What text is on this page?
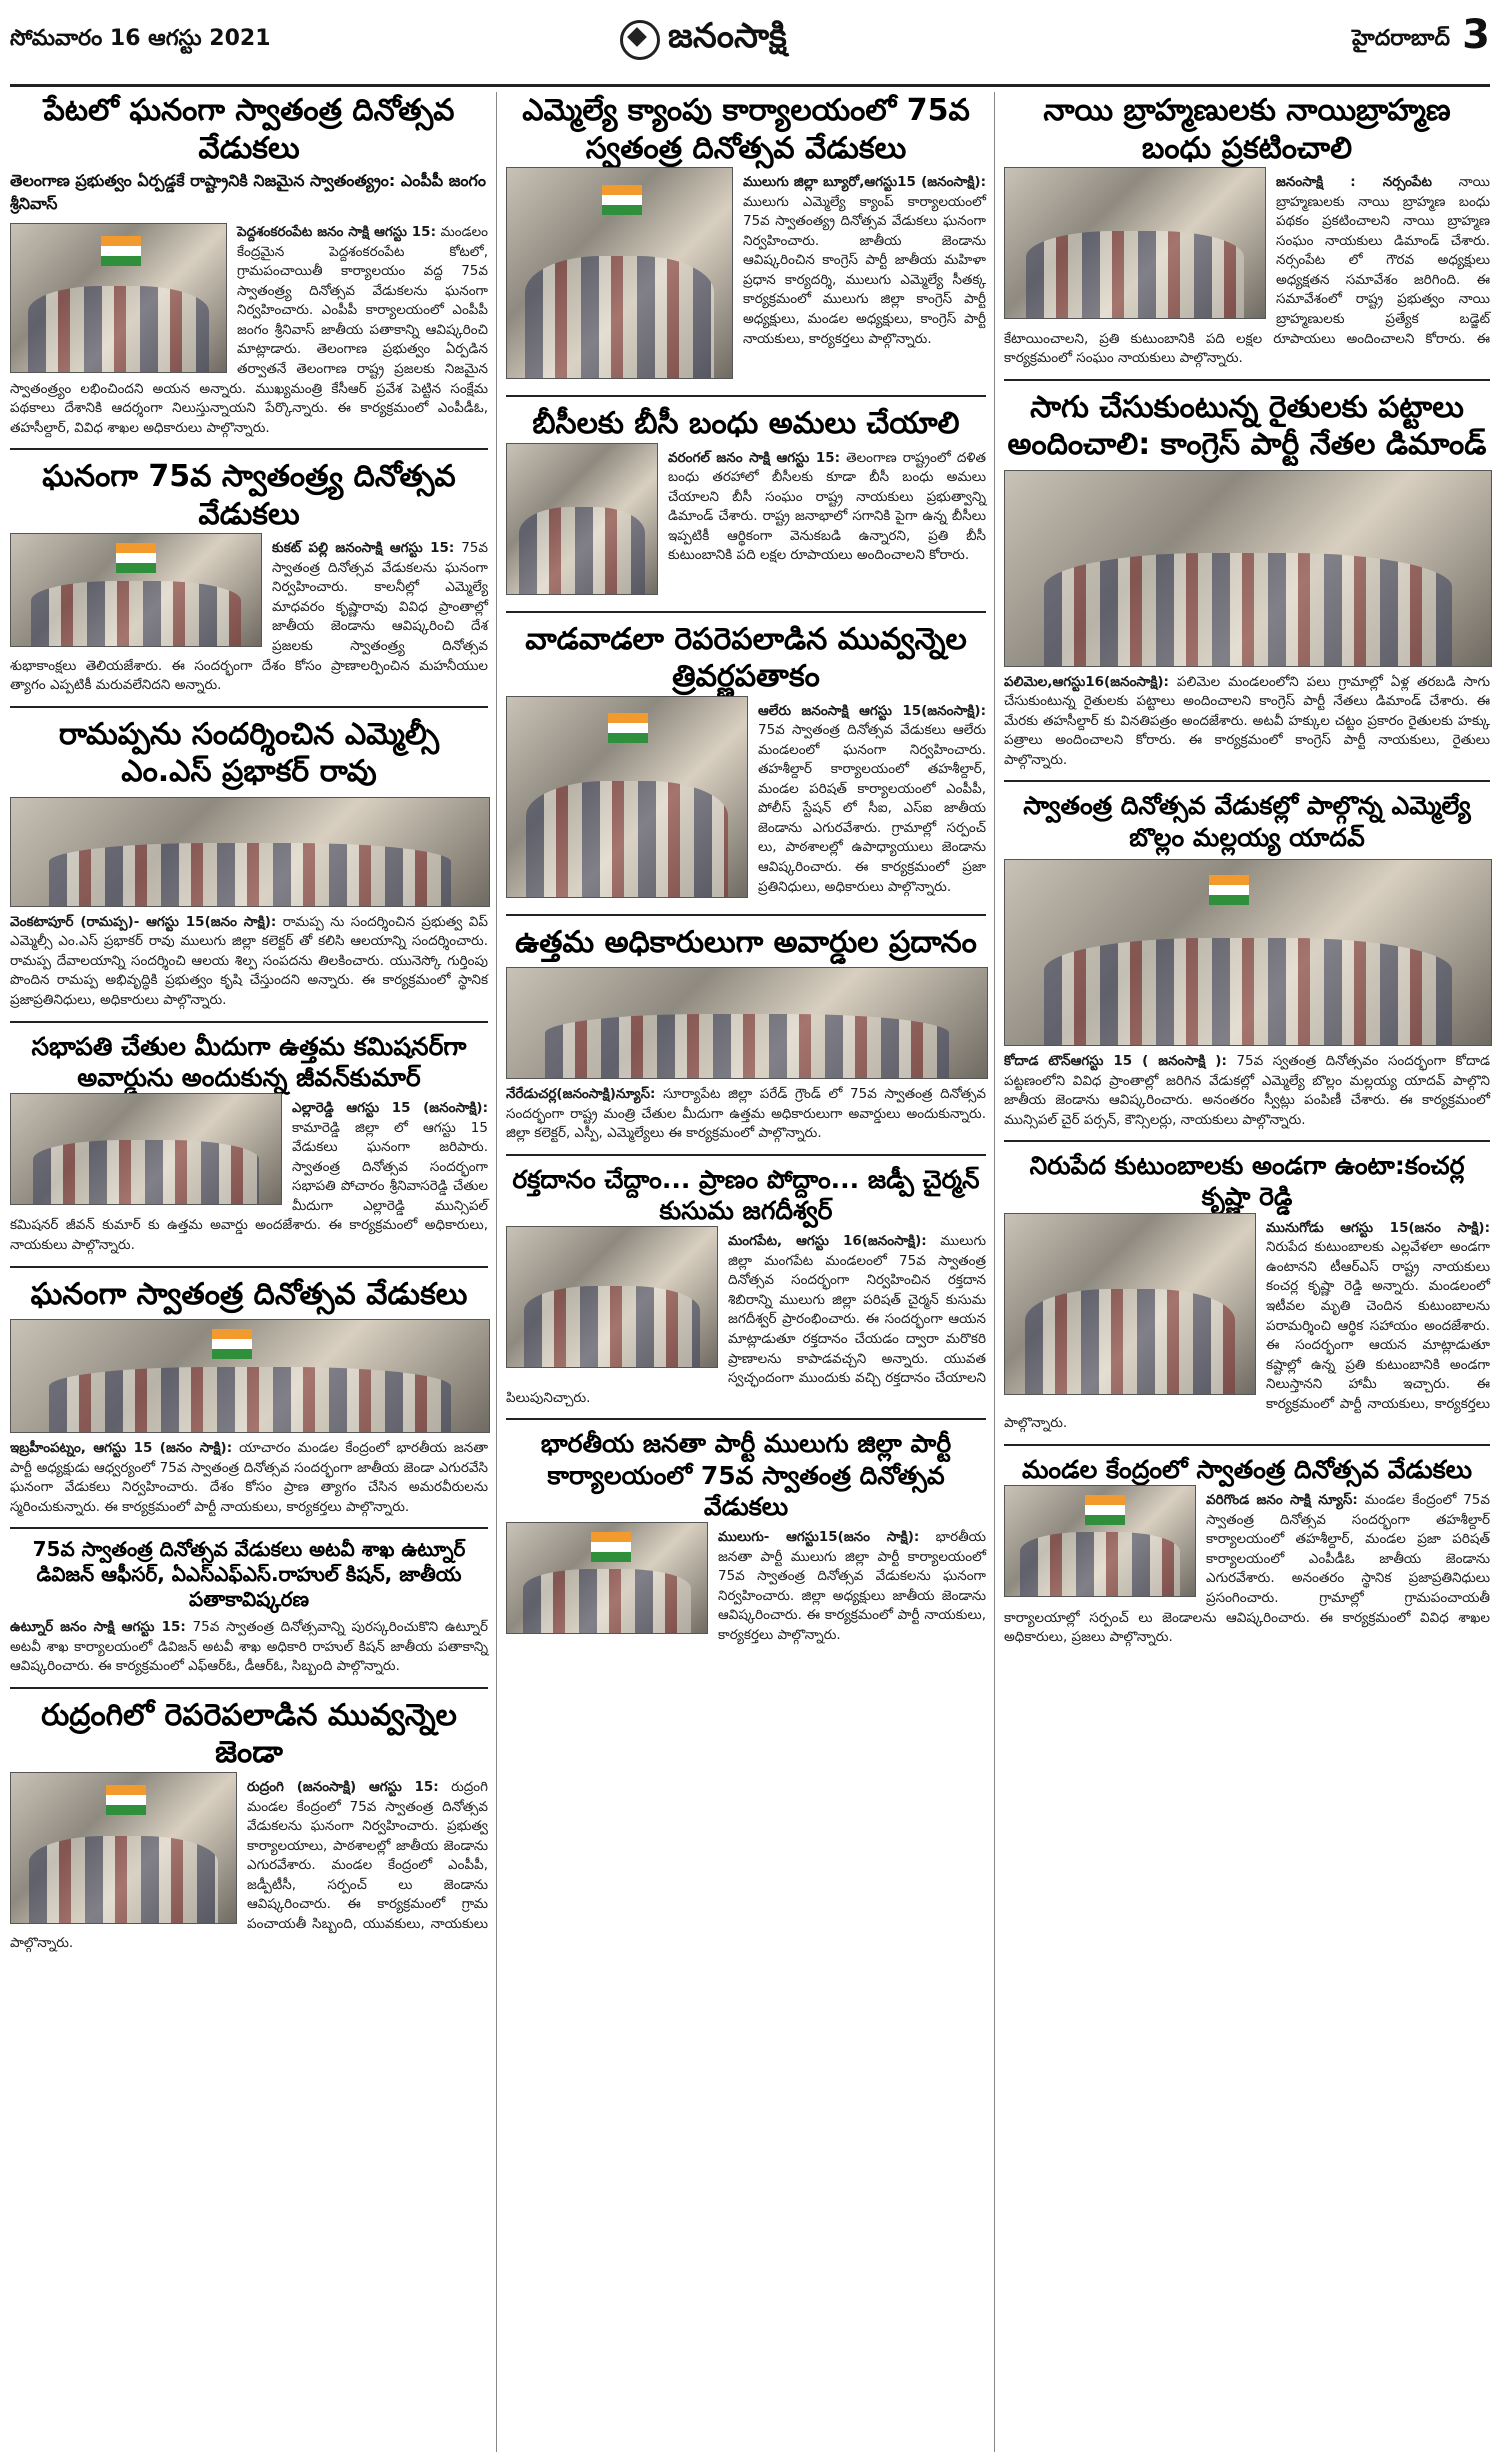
సోమవారం 16 ఆగస్టు 2021	జనంసాక్షి	హైదరాబాద్ 3
పేటలో ఘనంగా స్వాతంత్ర దినోత్సవ వేడుకలు
తెలంగాణ ప్రభుత్వం ఏర్పడ్డకే రాష్ట్రానికి నిజమైన స్వాతంత్య్రం: ఎంపీపీ జంగం శ్రీనివాస్

పెద్దశంకరంపేట జనం సాక్షి ఆగస్టు 15: మండలం కేంద్రమైన పెద్దశంకరంపేట కోటలో, గ్రామపంచాయితీ కార్యాలయం వద్ద 75వ స్వాతంత్ర్య దినోత్సవ వేడుకలను ఘనంగా నిర్వహించారు. ఎంపీపీ కార్యాలయంలో ఎంపీపీ జంగం శ్రీనివాస్ జాతీయ పతాకాన్ని ఆవిష్కరించి మాట్లాడారు. తెలంగాణ ప్రభుత్వం ఏర్పడిన తర్వాతనే తెలంగాణ రాష్ట్ర ప్రజలకు నిజమైన స్వాతంత్ర్యం లభించిందని అయన అన్నారు. ముఖ్యమంత్రి కేసీఆర్ ప్రవేశ పెట్టిన సంక్షేమ పథకాలు దేశానికి ఆదర్శంగా నిలుస్తున్నాయని పేర్కొన్నారు. ఈ కార్యక్రమంలో ఎంపీడీఓ, తహసీల్దార్, వివిధ శాఖల అధికారులు పాల్గొన్నారు.

ఘనంగా 75వ స్వాతంత్ర్య దినోత్సవ వేడుకలు

కుకట్ పల్లి జనంసాక్షి ఆగస్టు 15: 75వ స్వాతంత్ర దినోత్సవ వేడుకలను ఘనంగా నిర్వహించారు. కాలనీల్లో ఎమ్మెల్యే మాధవరం కృష్ణారావు వివిధ ప్రాంతాల్లో జాతీయ జెండాను ఆవిష్కరించి దేశ ప్రజలకు స్వాతంత్ర్య దినోత్సవ శుభాకాంక్షలు తెలియజేశారు. ఈ సందర్భంగా దేశం కోసం ప్రాణాలర్పించిన మహనీయుల త్యాగం ఎప్పటికీ మరువలేనిదని అన్నారు.

రామప్పను సందర్శించిన ఎమ్మెల్సీ ఎం.ఎస్ ప్రభాకర్ రావు

వెంకటాపూర్ (రామప్ప)- ఆగస్టు 15(జనం సాక్షి): రామప్ప ను సందర్శించిన ప్రభుత్వ విప్ ఎమ్మెల్సీ ఎం.ఎస్ ప్రభాకర్ రావు ములుగు జిల్లా కలెక్టర్ తో కలిసి ఆలయాన్ని సందర్శించారు. రామప్ప దేవాలయాన్ని సందర్శించి ఆలయ శిల్ప సంపదను తిలకించారు. యునెస్కో గుర్తింపు పొందిన రామప్ప అభివృద్ధికి ప్రభుత్వం కృషి చేస్తుందని అన్నారు. ఈ కార్యక్రమంలో స్థానిక ప్రజాప్రతినిధులు, అధికారులు పాల్గొన్నారు.

సభాపతి చేతుల మీదుగా ఉత్తమ కమిషనర్‌గా అవార్డును అందుకున్న జీవన్‌కుమార్

ఎల్లారెడ్డి ఆగస్టు 15 (జనంసాక్షి): కామారెడ్డి జిల్లా లో ఆగస్టు 15 వేడుకలు ఘనంగా జరిపారు. స్వాతంత్ర దినోత్సవ సందర్భంగా సభాపతి పోచారం శ్రీనివాసరెడ్డి చేతుల మీదుగా ఎల్లారెడ్డి మున్సిపల్ కమిషనర్ జీవన్ కుమార్ కు ఉత్తమ అవార్డు అందజేశారు. ఈ కార్యక్రమంలో అధికారులు, నాయకులు పాల్గొన్నారు.

ఘనంగా స్వాతంత్ర దినోత్సవ వేడుకలు

ఇబ్రహీంపట్నం, ఆగస్టు 15 (జనం సాక్షి): యాచారం మండల కేంద్రంలో భారతీయ జనతా పార్టీ అధ్యక్షుడు ఆధ్వర్యంలో 75వ స్వాతంత్ర దినోత్సవ సందర్భంగా జాతీయ జెండా ఎగురవేసి ఘనంగా వేడుకలు నిర్వహించారు. దేశం కోసం ప్రాణ త్యాగం చేసిన అమరవీరులను స్మరించుకున్నారు. ఈ కార్యక్రమంలో పార్టీ నాయకులు, కార్యకర్తలు పాల్గొన్నారు.

75వ స్వాతంత్ర దినోత్సవ వేడుకలు అటవీ శాఖ ఉట్నూర్ డివిజన్ ఆఫీసర్, ఏఎస్ఎఫ్ఎస్.రాహుల్ కిషన్, జాతీయ పతాకావిష్కరణ

ఉట్నూర్ జనం సాక్షి ఆగస్టు 15: 75వ స్వాతంత్ర దినోత్సవాన్ని పురస్కరించుకొని ఉట్నూర్ అటవీ శాఖ కార్యాలయంలో డివిజన్ అటవీ శాఖ అధికారి రాహుల్ కిషన్ జాతీయ పతాకాన్ని ఆవిష్కరించారు. ఈ కార్యక్రమంలో ఎఫ్ఆర్ఓ, డీఆర్ఓ, సిబ్బంది పాల్గొన్నారు.

రుద్రంగిలో రెపరెపలాడిన మువ్వన్నెల జెండా

రుద్రంగి (జనంసాక్షి) ఆగస్టు 15: రుద్రంగి మండల కేంద్రంలో 75వ స్వాతంత్ర దినోత్సవ వేడుకలను ఘనంగా నిర్వహించారు. ప్రభుత్వ కార్యాలయాలు, పాఠశాలల్లో జాతీయ జెండాను ఎగురవేశారు. మండల కేంద్రంలో ఎంపీపీ, జడ్పీటీసీ, సర్పంచ్ లు జెండాను ఆవిష్కరించారు. ఈ కార్యక్రమంలో గ్రామ పంచాయతీ సిబ్బంది, యువకులు, నాయకులు పాల్గొన్నారు.

ఎమ్మెల్యే క్యాంపు కార్యాలయంలో 75వ స్వతంత్ర దినోత్సవ వేడుకలు

ములుగు జిల్లా బ్యూరో,ఆగస్టు15 (జనంసాక్షి): ములుగు ఎమ్మెల్యే క్యాంప్ కార్యాలయంలో 75వ స్వాతంత్య్ర దినోత్సవ వేడుకలు ఘనంగా నిర్వహించారు. జాతీయ జెండాను ఆవిష్కరించిన కాంగ్రెస్ పార్టీ జాతీయ మహిళా ప్రధాన కార్యదర్శి, ములుగు ఎమ్మెల్యే సీతక్క కార్యక్రమంలో ములుగు జిల్లా కాంగ్రెస్ పార్టీ అధ్యక్షులు, మండల అధ్యక్షులు, కాంగ్రెస్ పార్టీ నాయకులు, కార్యకర్తలు పాల్గొన్నారు.

బీసీలకు బీసీ బంధు అమలు చేయాలి

వరంగల్ జనం సాక్షి ఆగస్టు 15: తెలంగాణ రాష్ట్రంలో దళిత బంధు తరహాలో బీసీలకు కూడా బీసీ బంధు అమలు చేయాలని బీసీ సంఘం రాష్ట్ర నాయకులు ప్రభుత్వాన్ని డిమాండ్ చేశారు. రాష్ట్ర జనాభాలో సగానికి పైగా ఉన్న బీసీలు ఇప్పటికీ ఆర్థికంగా వెనుకబడి ఉన్నారని, ప్రతి బీసీ కుటుంబానికి పది లక్షల రూపాయలు అందించాలని కోరారు.

వాడవాడలా రెపరెపలాడిన మువ్వన్నెల త్రివర్ణపతాకం

ఆలేరు జనంసాక్షి ఆగస్టు 15(జనంసాక్షి): 75వ స్వాతంత్ర దినోత్సవ వేడుకలు ఆలేరు మండలంలో ఘనంగా నిర్వహించారు. తహశీల్దార్ కార్యాలయంలో తహశీల్దార్, మండల పరిషత్ కార్యాలయంలో ఎంపీపీ, పోలీస్ స్టేషన్ లో సీఐ, ఎస్ఐ జాతీయ జెండాను ఎగురవేశారు. గ్రామాల్లో సర్పంచ్ లు, పాఠశాలల్లో ఉపాధ్యాయులు జెండాను ఆవిష్కరించారు. ఈ కార్యక్రమంలో ప్రజా ప్రతినిధులు, అధికారులు పాల్గొన్నారు.

ఉత్తమ అధికారులుగా అవార్డుల ప్రదానం

నేరేడుచర్ల(జనంసాక్షి)న్యూస్: సూర్యాపేట జిల్లా పరేడ్ గ్రౌండ్ లో 75వ స్వాతంత్ర దినోత్సవ సందర్భంగా రాష్ట్ర మంత్రి చేతుల మీదుగా ఉత్తమ అధికారులుగా అవార్డులు అందుకున్నారు. జిల్లా కలెక్టర్, ఎస్పీ, ఎమ్మెల్యేలు ఈ కార్యక్రమంలో పాల్గొన్నారు.

రక్తదానం చేద్దాం... ప్రాణం పోద్దాం... జడ్పీ చైర్మన్ కుసుమ జగదీశ్వర్

మంగపేట, ఆగస్టు 16(జనంసాక్షి): ములుగు జిల్లా మంగపేట మండలంలో 75వ స్వాతంత్ర దినోత్సవ సందర్భంగా నిర్వహించిన రక్తదాన శిబిరాన్ని ములుగు జిల్లా పరిషత్ చైర్మన్ కుసుమ జగదీశ్వర్ ప్రారంభించారు. ఈ సందర్భంగా ఆయన మాట్లాడుతూ రక్తదానం చేయడం ద్వారా మరొకరి ప్రాణాలను కాపాడవచ్చని అన్నారు. యువత స్వచ్ఛందంగా ముందుకు వచ్చి రక్తదానం చేయాలని పిలుపునిచ్చారు.

భారతీయ జనతా పార్టీ ములుగు జిల్లా పార్టీ కార్యాలయంలో 75వ స్వాతంత్ర దినోత్సవ వేడుకలు

ములుగు- ఆగస్టు15(జనం సాక్షి): భారతీయ జనతా పార్టీ ములుగు జిల్లా పార్టీ కార్యాలయంలో 75వ స్వాతంత్ర దినోత్సవ వేడుకలను ఘనంగా నిర్వహించారు. జిల్లా అధ్యక్షులు జాతీయ జెండాను ఆవిష్కరించారు. ఈ కార్యక్రమంలో పార్టీ నాయకులు, కార్యకర్తలు పాల్గొన్నారు.

నాయి బ్రాహ్మణులకు నాయిబ్రాహ్మణ బంధు ప్రకటించాలి

జనంసాక్షి : నర్సంపేట నాయి బ్రాహ్మణులకు నాయి బ్రాహ్మణ బంధు పథకం ప్రకటించాలని నాయి బ్రాహ్మణ సంఘం నాయకులు డిమాండ్ చేశారు. నర్సంపేట లో గౌరవ అధ్యక్షులు అధ్యక్షతన సమావేశం జరిగింది. ఈ సమావేశంలో రాష్ట్ర ప్రభుత్వం నాయి బ్రాహ్మణులకు ప్రత్యేక బడ్జెట్ కేటాయించాలని, ప్రతి కుటుంబానికి పది లక్షల రూపాయలు అందించాలని కోరారు. ఈ కార్యక్రమంలో సంఘం నాయకులు పాల్గొన్నారు.

సాగు చేసుకుంటున్న రైతులకు పట్టాలు అందించాలి: కాంగ్రెస్ పార్టీ నేతల డిమాండ్

పలిమెల,ఆగస్టు16(జనంసాక్షి): పలిమెల మండలంలోని పలు గ్రామాల్లో ఏళ్ల తరబడి సాగు చేసుకుంటున్న రైతులకు పట్టాలు అందించాలని కాంగ్రెస్ పార్టీ నేతలు డిమాండ్ చేశారు. ఈ మేరకు తహసీల్దార్ కు వినతిపత్రం అందజేశారు. అటవీ హక్కుల చట్టం ప్రకారం రైతులకు హక్కు పత్రాలు అందించాలని కోరారు. ఈ కార్యక్రమంలో కాంగ్రెస్ పార్టీ నాయకులు, రైతులు పాల్గొన్నారు.

స్వాతంత్ర దినోత్సవ వేడుకల్లో పాల్గొన్న ఎమ్మెల్యే బొల్లం మల్లయ్య యాదవ్

కోదాడ టౌన్ఆగస్టు 15 ( జనంసాక్షి ): 75వ స్వతంత్ర దినోత్సవం సందర్భంగా కోదాడ పట్టణంలోని వివిధ ప్రాంతాల్లో జరిగిన వేడుకల్లో ఎమ్మెల్యే బొల్లం మల్లయ్య యాదవ్ పాల్గొని జాతీయ జెండాను ఆవిష్కరించారు. అనంతరం స్వీట్లు పంపిణీ చేశారు. ఈ కార్యక్రమంలో మున్సిపల్ చైర్ పర్సన్, కౌన్సిలర్లు, నాయకులు పాల్గొన్నారు.

నిరుపేద కుటుంబాలకు అండగా ఉంటా:కంచర్ల కృష్ణా రెడ్డి

మునుగోడు ఆగస్టు 15(జనం సాక్షి): నిరుపేద కుటుంబాలకు ఎల్లవేళలా అండగా ఉంటానని టీఆర్ఎస్ రాష్ట్ర నాయకులు కంచర్ల కృష్ణా రెడ్డి అన్నారు. మండలంలో ఇటీవల మృతి చెందిన కుటుంబాలను పరామర్శించి ఆర్థిక సహాయం అందజేశారు. ఈ సందర్భంగా ఆయన మాట్లాడుతూ కష్టాల్లో ఉన్న ప్రతి కుటుంబానికి అండగా నిలుస్తానని హామీ ఇచ్చారు. ఈ కార్యక్రమంలో పార్టీ నాయకులు, కార్యకర్తలు పాల్గొన్నారు.

మండల కేంద్రంలో స్వాతంత్ర దినోత్సవ వేడుకలు

వరిగొండ జనం సాక్షి న్యూస్: మండల కేంద్రంలో 75వ స్వాతంత్ర దినోత్సవ సందర్భంగా తహశీల్దార్ కార్యాలయంలో తహశీల్దార్, మండల ప్రజా పరిషత్ కార్యాలయంలో ఎంపీడీఓ జాతీయ జెండాను ఎగురవేశారు. అనంతరం స్థానిక ప్రజాప్రతినిధులు ప్రసంగించారు. గ్రామాల్లో గ్రామపంచాయతీ కార్యాలయాల్లో సర్పంచ్ లు జెండాలను ఆవిష్కరించారు. ఈ కార్యక్రమంలో వివిధ శాఖల అధికారులు, ప్రజలు పాల్గొన్నారు.
